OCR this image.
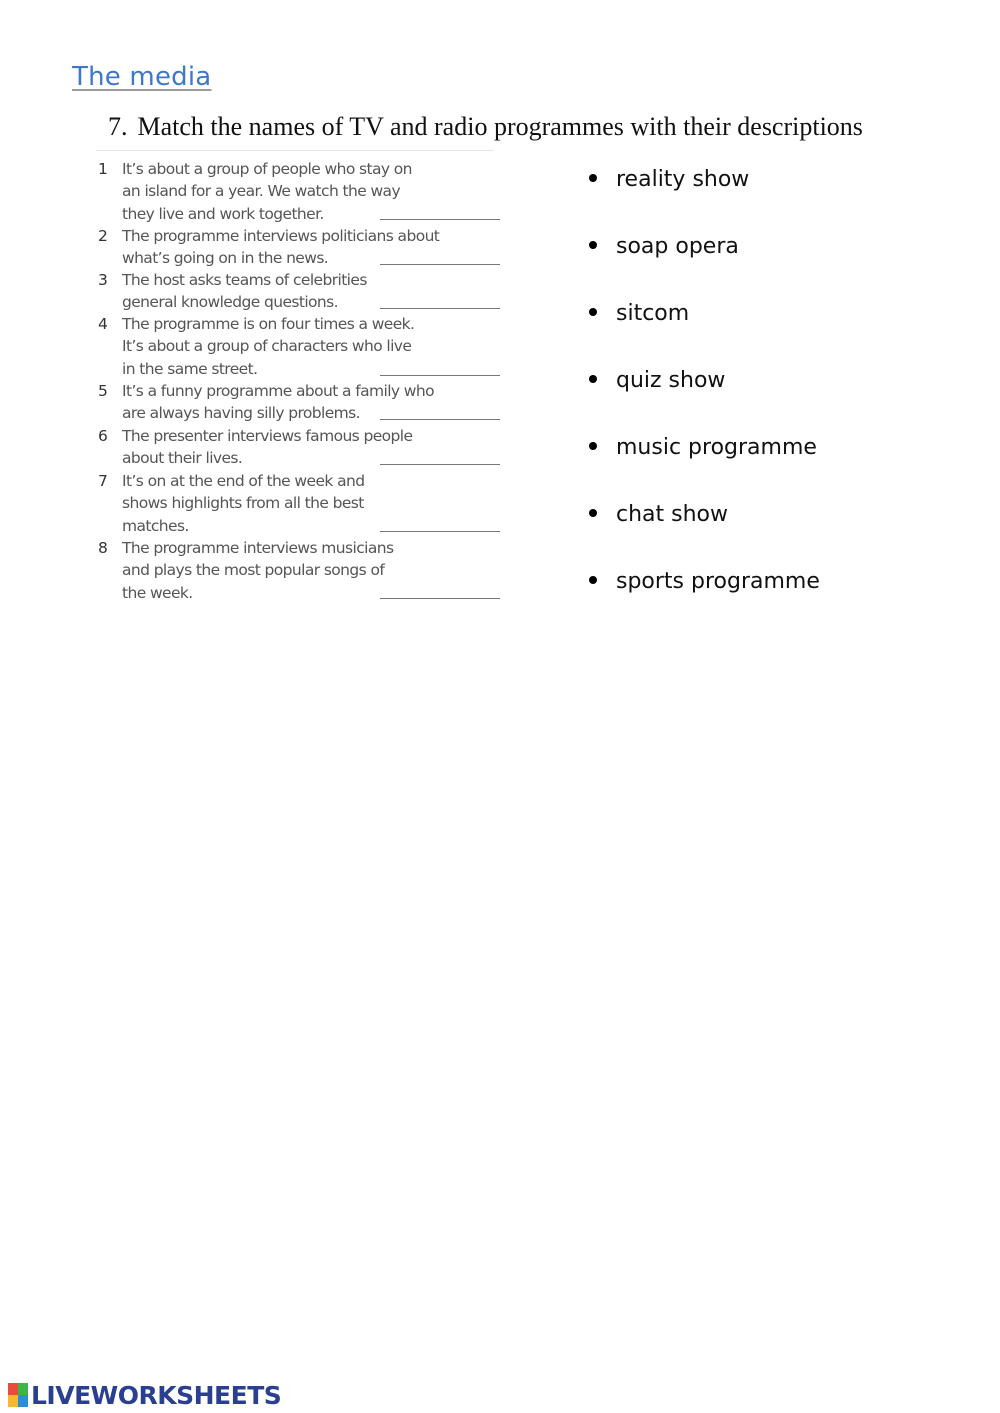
The media
7. Match the names of TV and radio programmes with their descriptions
1 It’s about a group of people who stay on
an island for a year. We watch the way
they live and work together.
2 The programme interviews politicians about
what’s going on in the news.
3 The host asks teams of celebrities
general knowledge questions.
4 The programme is on four times a week.
It’s about a group of characters who live
in the same street.
5 It’s a funny programme about a family who
are always having silly problems.
6 The presenter interviews famous people
about their lives.
7 It’s on at the end of the week and
shows highlights from all the best
matches.
8 The programme interviews musicians
and plays the most popular songs of
the week.
reality show
soap opera
sitcom
quiz show
music programme
chat show
sports programme
LIVEWORKSHEETS
